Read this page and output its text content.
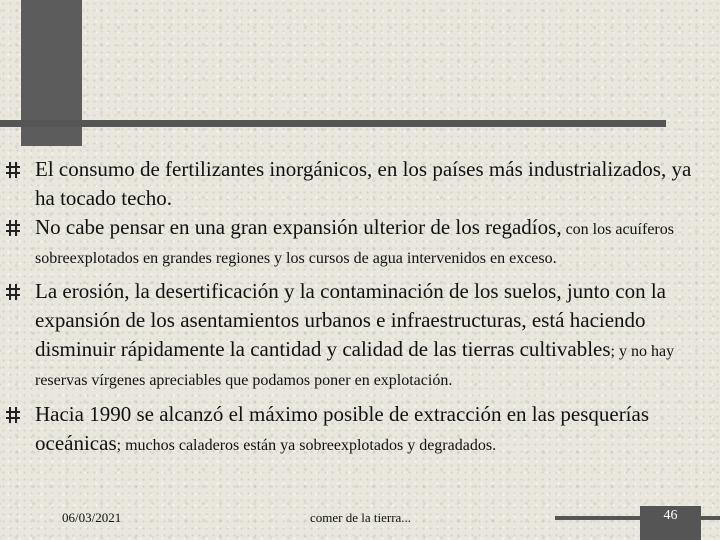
El consumo de fertilizantes inorgánicos, en los países más industrializados, ya ha tocado techo.
No cabe pensar en una gran expansión ulterior de los regadíos, con los acuíferos sobreexplotados en grandes regiones y los cursos de agua intervenidos en exceso.
La erosión, la desertificación y la contaminación de los suelos, junto con la expansión de los asentamientos urbanos e infraestructuras, está haciendo disminuir rápidamente la cantidad y calidad de las tierras cultivables; y no hay reservas vírgenes apreciables que podamos poner en explotación.
Hacia 1990 se alcanzó el máximo posible de extracción en las pesquerías oceánicas; muchos caladeros están ya sobreexplotados y degradados.
06/03/2021	comer de la tierra...	46
